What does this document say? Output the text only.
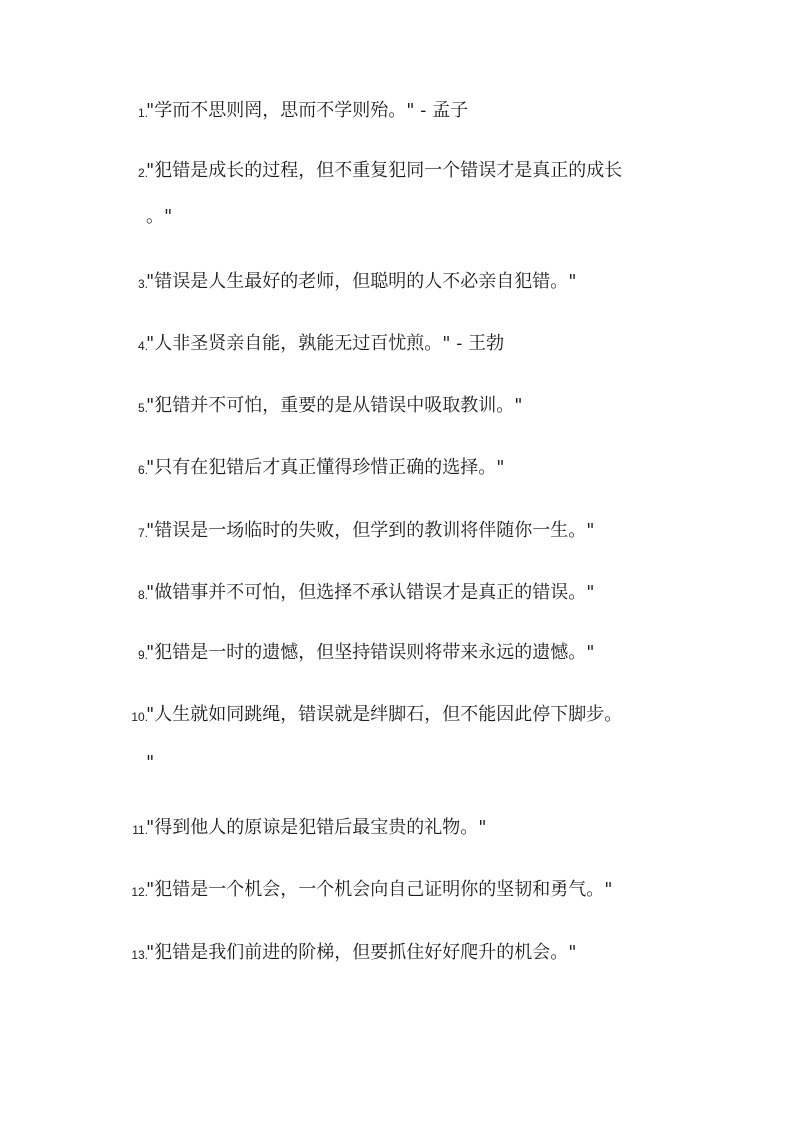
1.
"学而不思则罔，思而不学则殆。" - 孟子
2.
"犯错是成长的过程，但不重复犯同一个错误才是真正的成长
。"
3.
"错误是人生最好的老师，但聪明的人不必亲自犯错。"
4.
"人非圣贤亲自能，孰能无过百忧煎。" - 王勃
5.
"犯错并不可怕，重要的是从错误中吸取教训。"
6.
"只有在犯错后才真正懂得珍惜正确的选择。"
7.
"错误是一场临时的失败，但学到的教训将伴随你一生。"
8.
"做错事并不可怕，但选择不承认错误才是真正的错误。"
9.
"犯错是一时的遗憾，但坚持错误则将带来永远的遗憾。"
10.
"人生就如同跳绳，错误就是绊脚石，但不能因此停下脚步。
"
11.
"得到他人的原谅是犯错后最宝贵的礼物。"
12.
"犯错是一个机会，一个机会向自己证明你的坚韧和勇气。"
13.
"犯错是我们前进的阶梯，但要抓住好好爬升的机会。"
